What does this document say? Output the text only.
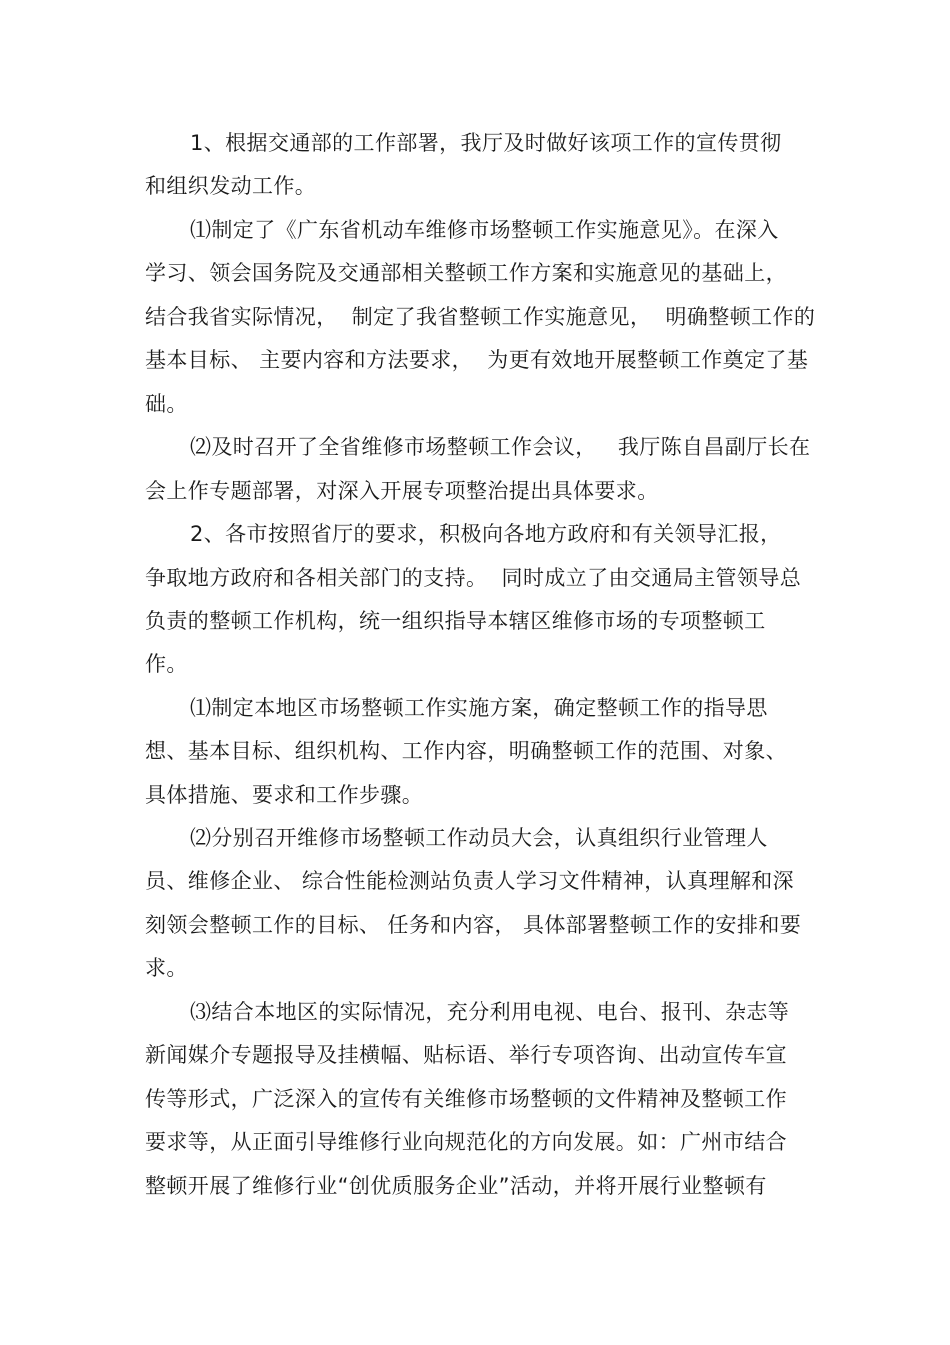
1、根据交通部的工作部署，我厅及时做好该项工作的宣传贯彻
和组织发动工作。
⑴制定了《广东省机动车维修市场整顿工作实施意见》。在深入
学习、领会国务院及交通部相关整顿工作方案和实施意见的基础上，
结合我省实际情况，  制定了我省整顿工作实施意见，  明确整顿工作的
基本目标、 主要内容和方法要求，  为更有效地开展整顿工作奠定了基
础。
⑵及时召开了全省维修市场整顿工作会议，   我厅陈自昌副厅长在
会上作专题部署，对深入开展专项整治提出具体要求。
2、各市按照省厅的要求，积极向各地方政府和有关领导汇报，
争取地方政府和各相关部门的支持。  同时成立了由交通局主管领导总
负责的整顿工作机构，统一组织指导本辖区维修市场的专项整顿工
作。
⑴制定本地区市场整顿工作实施方案，确定整顿工作的指导思
想、基本目标、组织机构、工作内容，明确整顿工作的范围、对象、
具体措施、要求和工作步骤。
⑵分别召开维修市场整顿工作动员大会，认真组织行业管理人
员、维修企业、 综合性能检测站负责人学习文件精神，认真理解和深
刻领会整顿工作的目标、 任务和内容， 具体部署整顿工作的安排和要
求。
⑶结合本地区的实际情况，充分利用电视、电台、报刊、杂志等
新闻媒介专题报导及挂横幅、贴标语、举行专项咨询、出动宣传车宣
传等形式，广泛深入的宣传有关维修市场整顿的文件精神及整顿工作
要求等，从正面引导维修行业向规范化的方向发展。如：广州市结合
整顿开展了维修行业“创优质服务企业”活动，并将开展行业整顿有
